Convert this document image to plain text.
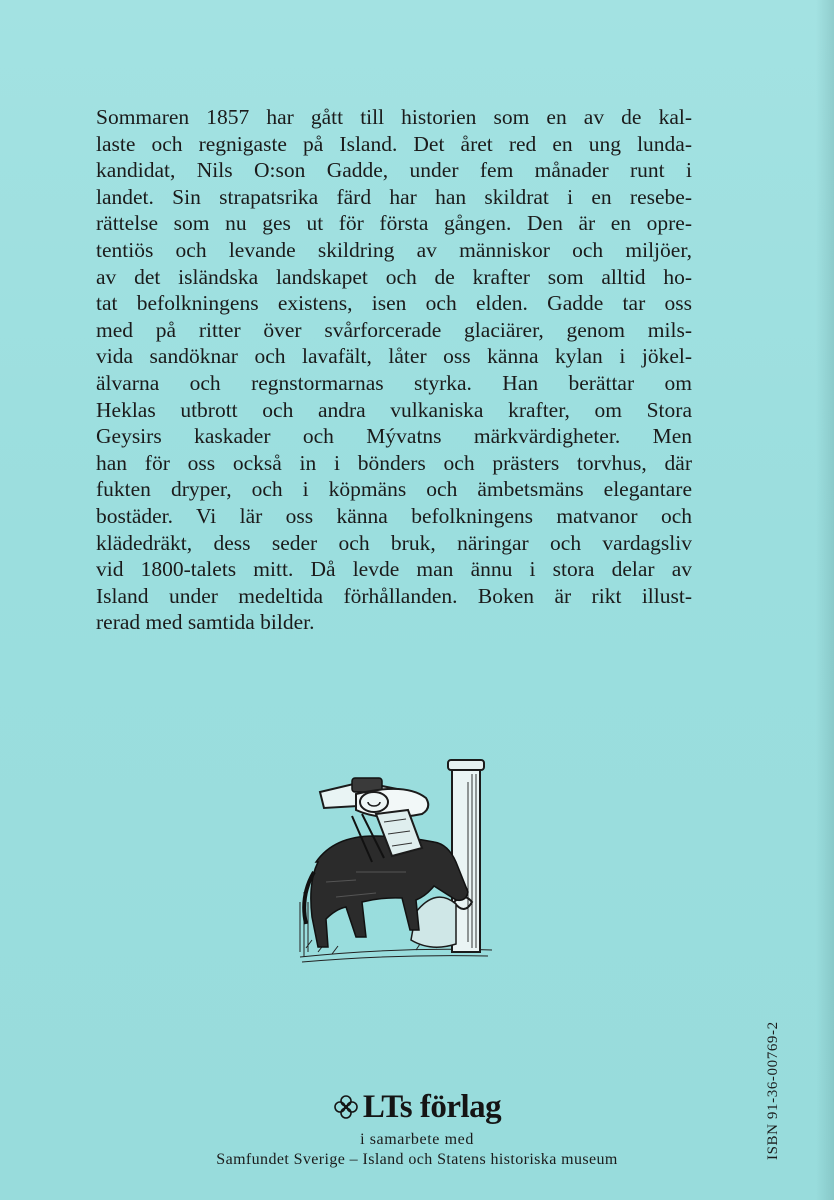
Sommaren 1857 har gått till historien som en av de kal-
laste och regnigaste på Island. Det året red en ung lunda-
kandidat, Nils O:son Gadde, under fem månader runt i
landet. Sin strapatsrika färd har han skildrat i en resebe-
rättelse som nu ges ut för första gången. Den är en opre-
tentiös och levande skildring av människor och miljöer,
av det isländska landskapet och de krafter som alltid ho-
tat befolkningens existens, isen och elden. Gadde tar oss
med på ritter över svårforcerade glaciärer, genom mils-
vida sandöknar och lavafält, låter oss känna kylan i jökel-
älvarna och regnstormarnas styrka. Han berättar om
Heklas utbrott och andra vulkaniska krafter, om Stora
Geysirs kaskader och Mývatns märkvärdigheter. Men
han för oss också in i bönders och prästers torvhus, där
fukten dryper, och i köpmäns och ämbetsmäns elegantare
bostäder. Vi lär oss känna befolkningens matvanor och
klädedräkt, dess seder och bruk, näringar och vardagsliv
vid 1800-talets mitt. Då levde man ännu i stora delar av
Island under medeltida förhållanden. Boken är rikt illust-
rerad med samtida bilder.
LTs förlag
i samarbete med
Samfundet Sverige – Island och Statens historiska museum	ISBN 91-36-00769-2
